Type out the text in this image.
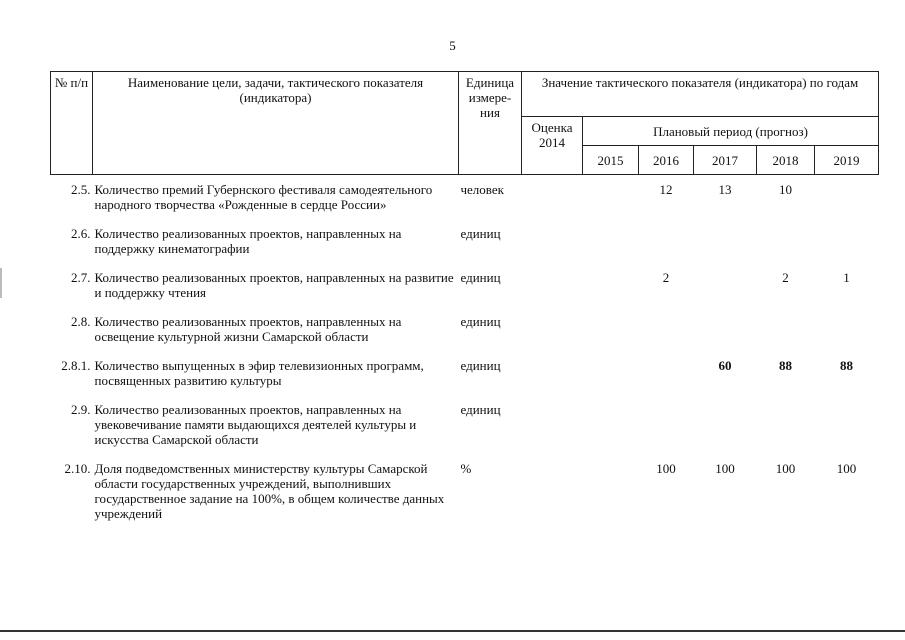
5
№ п/п	Наименование цели, задачи, тактического показателя (индикатора)	Единица измере-ния	Значение тактического показателя (индикатора) по годам					
			Оценка 2014	Плановый период (прогноз)				
				2015	2016	2017	2018	2019

2.5.	Количество премий Губернского фестиваля самодеятельного народного творчества «Рожденные в сердце России»	человек			12	13	10	
2.6.	Количество реализованных проектов, направленных на поддержку кинематографии	единиц						
2.7.	Количество реализованных проектов, направленных на развитие и поддержку чтения	единиц			2		2	1
2.8.	Количество реализованных проектов, направленных на освещение культурной жизни Самарской области	единиц						
2.8.1.	Количество выпущенных в эфир телевизионных программ, посвященных развитию культуры	единиц				60	88	88
2.9.	Количество реализованных проектов, направленных на увековечивание памяти выдающихся деятелей культуры и искусства Самарской области	единиц						
2.10.	Доля подведомственных министерству культуры Самарской области государственных учреждений, выполнивших государственное задание на 100%, в общем количестве данных учреждений	%			100	100	100	100
